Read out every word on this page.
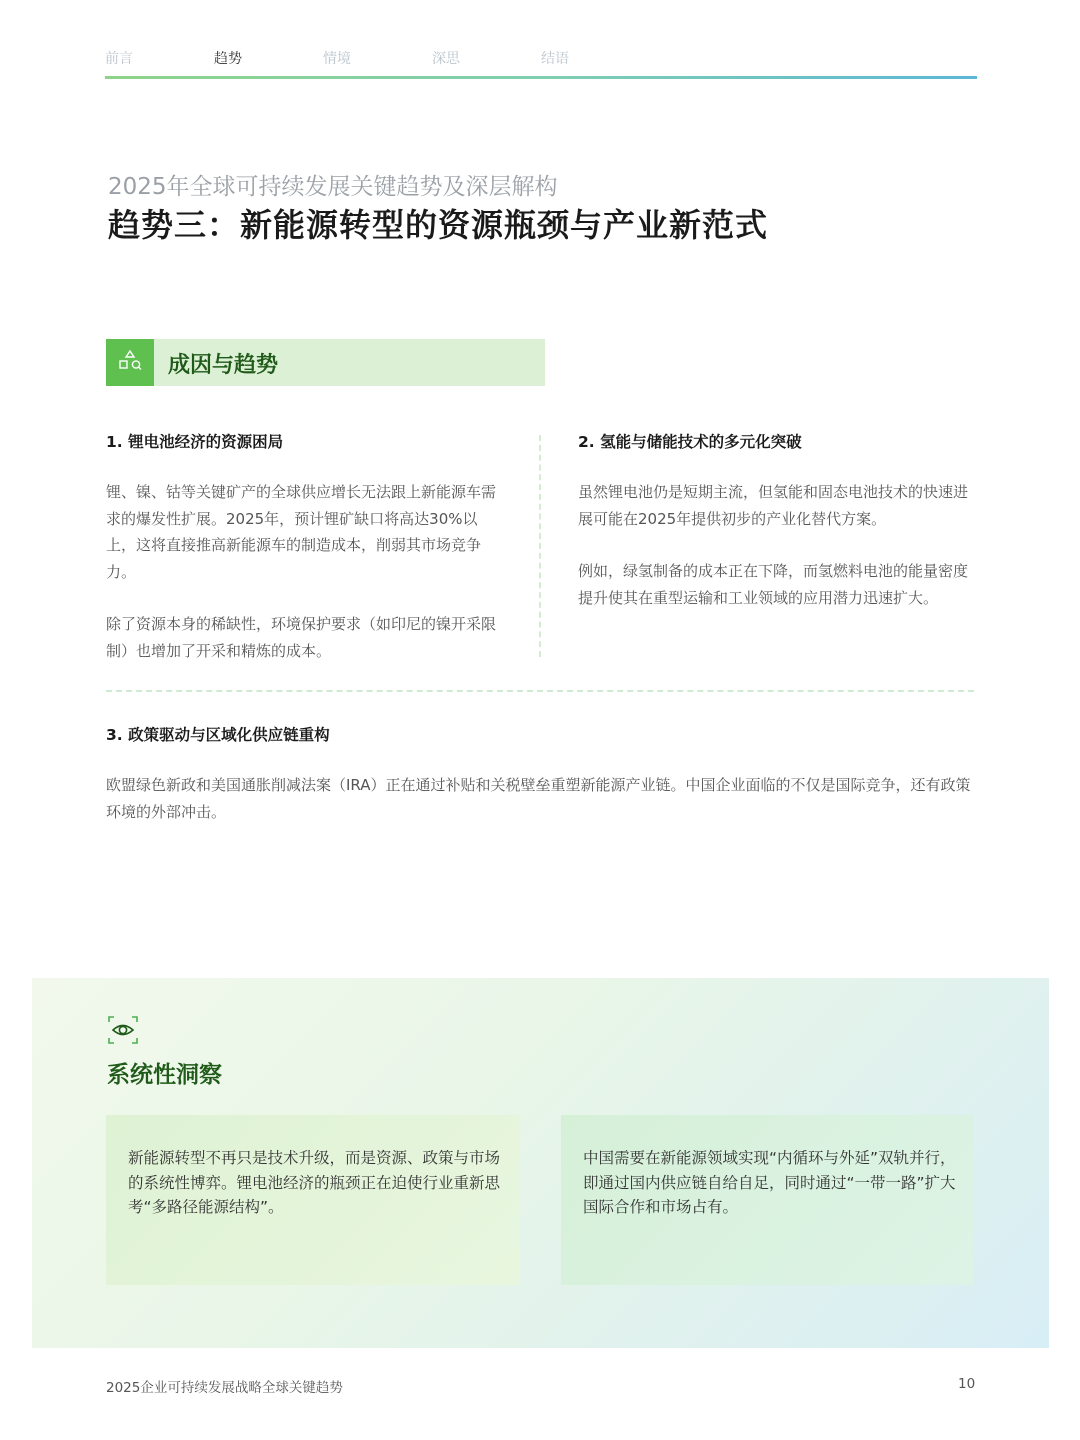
前言	趋势	情境	深思	结语
2025年全球可持续发展关键趋势及深层解构
趋势三：新能源转型的资源瓶颈与产业新范式
成因与趋势
1. 锂电池经济的资源困局

锂、镍、钴等关键矿产的全球供应增长无法跟上新能源车需求的爆发性扩展。2025年，预计锂矿缺口将高达30%以上，这将直接推高新能源车的制造成本，削弱其市场竞争力。

除了资源本身的稀缺性，环境保护要求（如印尼的镍开采限制）也增加了开采和精炼的成本。

2. 氢能与储能技术的多元化突破

虽然锂电池仍是短期主流，但氢能和固态电池技术的快速进展可能在2025年提供初步的产业化替代方案。

例如，绿氢制备的成本正在下降，而氢燃料电池的能量密度提升使其在重型运输和工业领域的应用潜力迅速扩大。

3. 政策驱动与区域化供应链重构

欧盟绿色新政和美国通胀削减法案（IRA）正在通过补贴和关税壁垒重塑新能源产业链。中国企业面临的不仅是国际竞争，还有政策环境的外部冲击。

系统性洞察

新能源转型不再只是技术升级，而是资源、政策与市场的系统性博弈。锂电池经济的瓶颈正在迫使行业重新思考“多路径能源结构”。

中国需要在新能源领域实现“内循环与外延”双轨并行，即通过国内供应链自给自足，同时通过“一带一路”扩大国际合作和市场占有。

2025企业可持续发展战略全球关键趋势	10
